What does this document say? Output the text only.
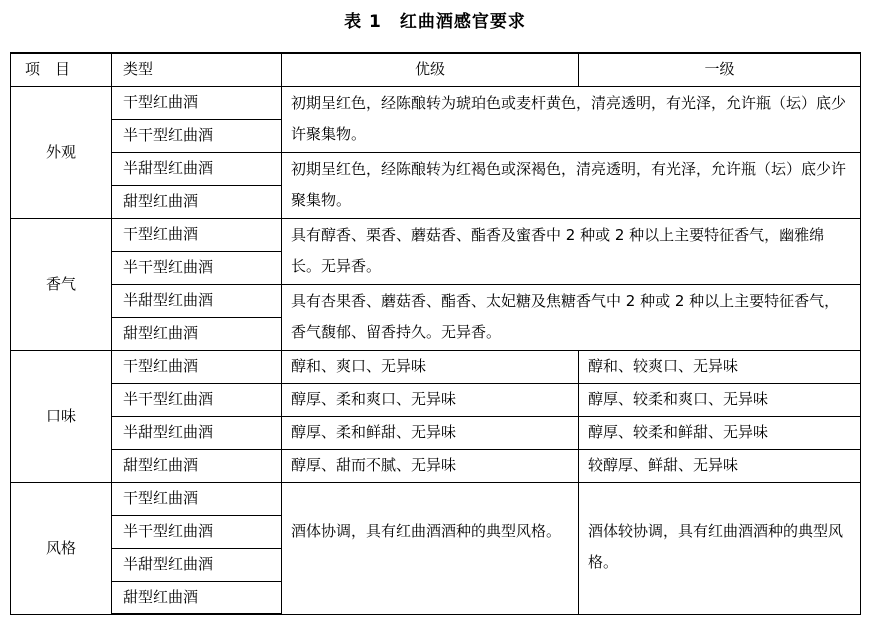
表 1　红曲酒感官要求
项　目	类型	优级	一级
外观	干型红曲酒	初期呈红色，经陈酿转为琥珀色或麦杆黄色，清亮透明，有光泽，允许瓶（坛）底少许聚集物。	
	半干型红曲酒		
	半甜型红曲酒	初期呈红色，经陈酿转为红褐色或深褐色，清亮透明，有光泽，允许瓶（坛）底少许聚集物。	
	甜型红曲酒		
香气	干型红曲酒	具有醇香、栗香、蘑菇香、酯香及蜜香中 2 种或 2 种以上主要特征香气，幽雅绵长。无异香。	
	半干型红曲酒		
	半甜型红曲酒	具有杏果香、蘑菇香、酯香、太妃糖及焦糖香气中 2 种或 2 种以上主要特征香气，香气馥郁、留香持久。无异香。	
	甜型红曲酒		
口味	干型红曲酒	醇和、爽口、无异味	醇和、较爽口、无异味
	半干型红曲酒	醇厚、柔和爽口、无异味	醇厚、较柔和爽口、无异味
	半甜型红曲酒	醇厚、柔和鲜甜、无异味	醇厚、较柔和鲜甜、无异味
	甜型红曲酒	醇厚、甜而不腻、无异味	较醇厚、鲜甜、无异味
风格	干型红曲酒	酒体协调，具有红曲酒酒种的典型风格。	酒体较协调，具有红曲酒酒种的典型风格。
	半干型红曲酒		
	半甜型红曲酒		
	甜型红曲酒		
